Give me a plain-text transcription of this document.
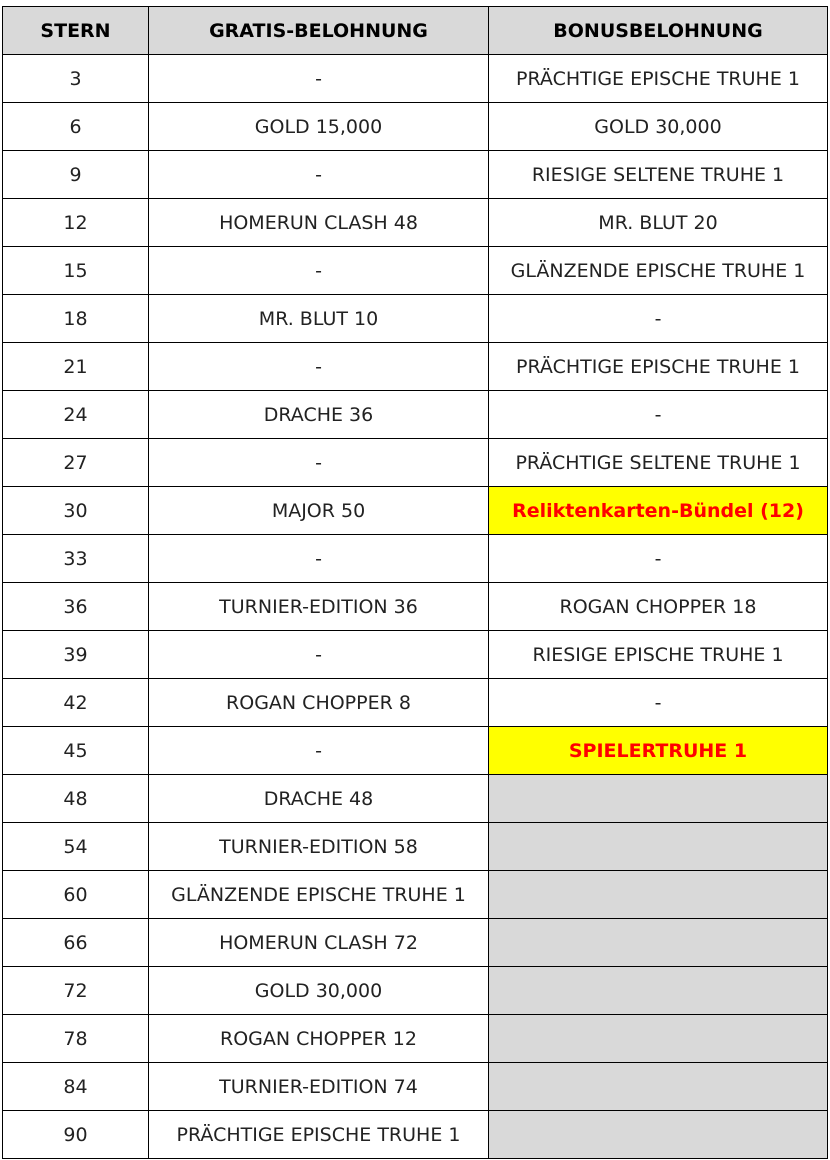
STERN	GRATIS-BELOHNUNG	BONUSBELOHNUNG
3	-	PRÄCHTIGE EPISCHE TRUHE 1
6	GOLD 15,000	GOLD 30,000
9	-	RIESIGE SELTENE TRUHE 1
12	HOMERUN CLASH 48	MR. BLUT 20
15	-	GLÄNZENDE EPISCHE TRUHE 1
18	MR. BLUT 10	-
21	-	PRÄCHTIGE EPISCHE TRUHE 1
24	DRACHE 36	-
27	-	PRÄCHTIGE SELTENE TRUHE 1
30	MAJOR 50	Reliktenkarten-Bündel (12)
33	-	-
36	TURNIER-EDITION 36	ROGAN CHOPPER 18
39	-	RIESIGE EPISCHE TRUHE 1
42	ROGAN CHOPPER 8	-
45	-	SPIELERTRUHE 1
48	DRACHE 48	
54	TURNIER-EDITION 58	
60	GLÄNZENDE EPISCHE TRUHE 1	
66	HOMERUN CLASH 72	
72	GOLD 30,000	
78	ROGAN CHOPPER 12	
84	TURNIER-EDITION 74	
90	PRÄCHTIGE EPISCHE TRUHE 1	
